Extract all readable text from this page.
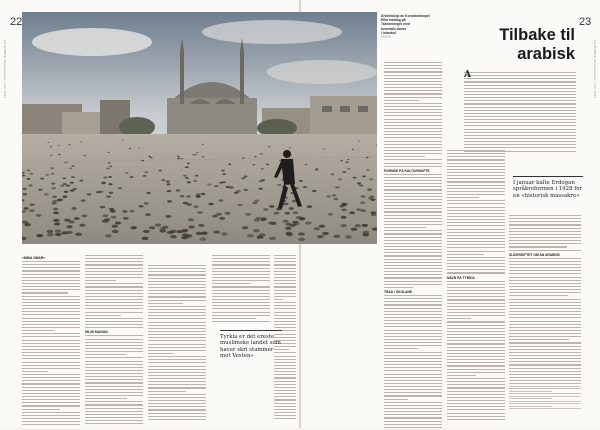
22
LE MONDE diplomatique • juni 2024
«MINA OMAR»
HILMI MAIVAN
Tyrkia er det ereste muslimske landet som haver skri stammer mot Vesten»
23
LE MONDE diplomatique • juni 2024
FORSØK PÅ KULTURSKIFTE
TRAD I SKOLANE
NAVN PÅ TYRKIA
SLIDESKIFTET OM AN ARABISK
I januar kalte Erdogan språkreformen i 1928 for en «historisk massakre»
Ärkebiskop av Konstantinopel
Eftermiddag på
Taksimtorget med
tusentals duvor
i Istanbul
FOTO: ...	Tilbake til
arabisk
A
